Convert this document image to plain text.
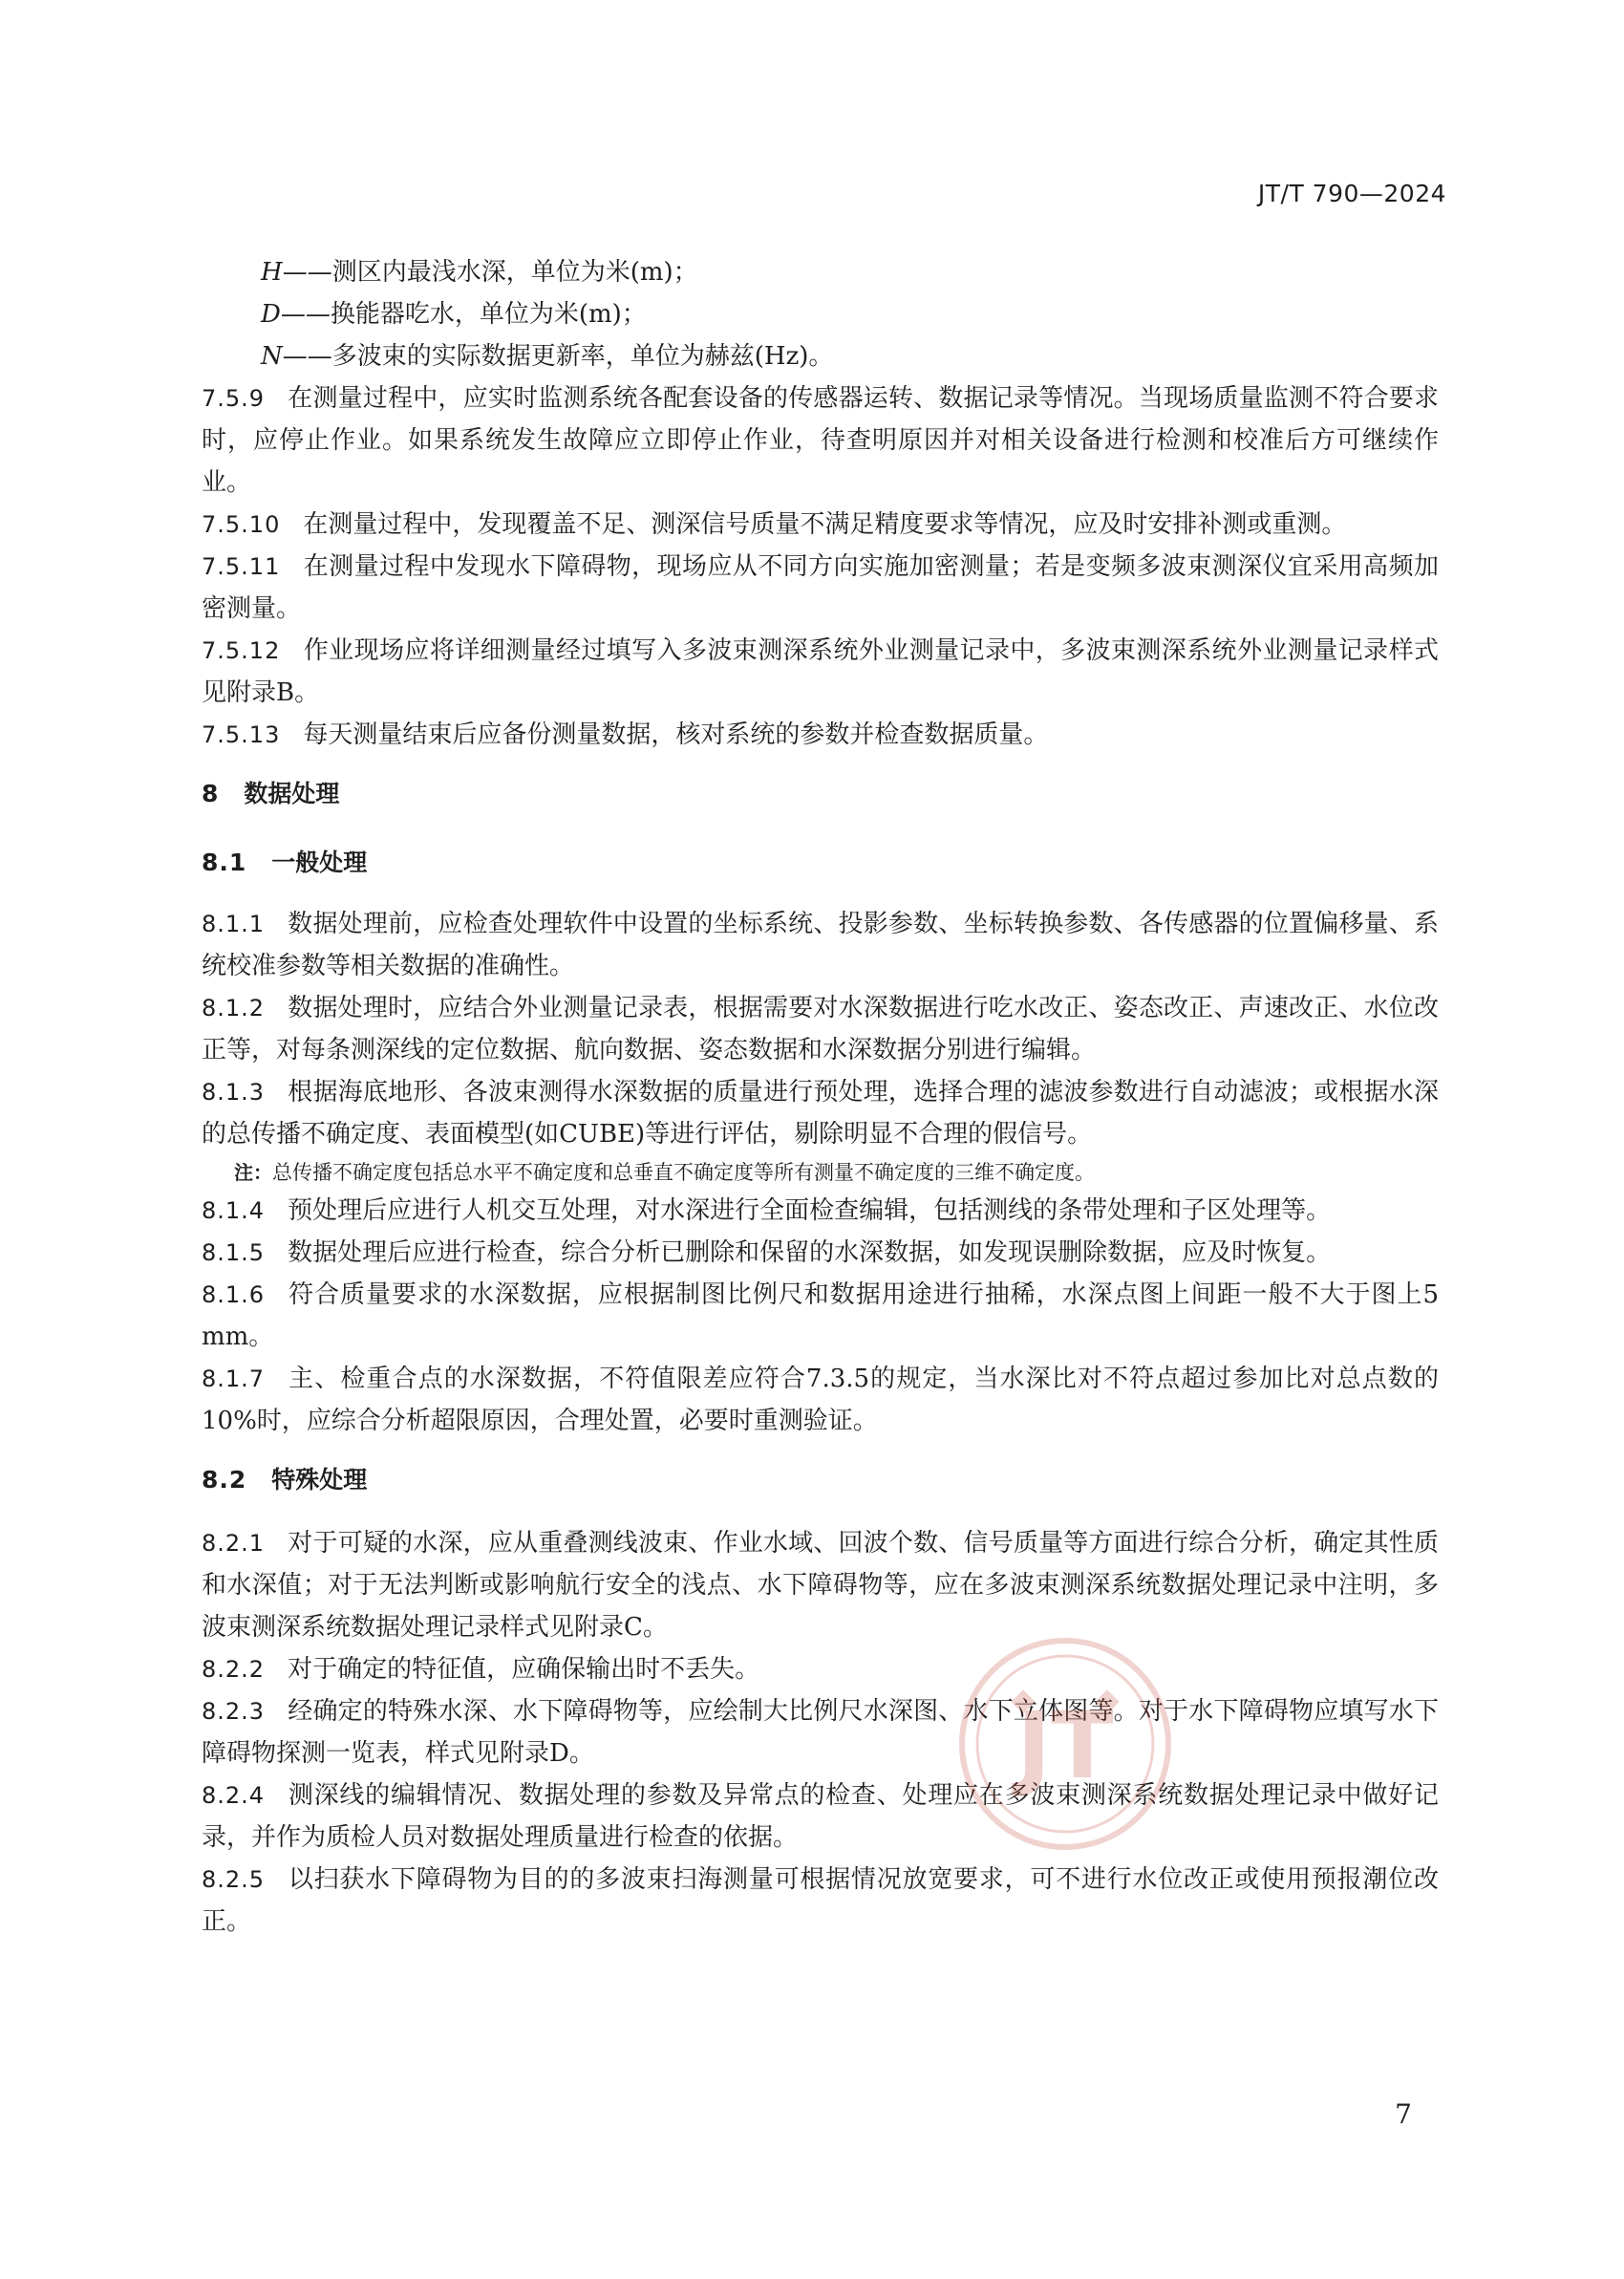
JT/T 790—2024
H——测区内最浅水深，单位为米(m)；
D——换能器吃水，单位为米(m)；
N——多波束的实际数据更新率，单位为赫兹(Hz)。

7.5.9 在测量过程中，应实时监测系统各配套设备的传感器运转、数据记录等情况。当现场质量监测不符合要求时，应停止作业。如果系统发生故障应立即停止作业，待查明原因并对相关设备进行检测和校准后方可继续作业。

7.5.10 在测量过程中，发现覆盖不足、测深信号质量不满足精度要求等情况，应及时安排补测或重测。

7.5.11 在测量过程中发现水下障碍物，现场应从不同方向实施加密测量；若是变频多波束测深仪宜采用高频加密测量。

7.5.12 作业现场应将详细测量经过填写入多波束测深系统外业测量记录中，多波束测深系统外业测量记录样式见附录B。

7.5.13 每天测量结束后应备份测量数据，核对系统的参数并检查数据质量。

8 数据处理
8.1 一般处理

8.1.1 数据处理前，应检查处理软件中设置的坐标系统、投影参数、坐标转换参数、各传感器的位置偏移量、系统校准参数等相关数据的准确性。

8.1.2 数据处理时，应结合外业测量记录表，根据需要对水深数据进行吃水改正、姿态改正、声速改正、水位改正等，对每条测深线的定位数据、航向数据、姿态数据和水深数据分别进行编辑。

8.1.3 根据海底地形、各波束测得水深数据的质量进行预处理，选择合理的滤波参数进行自动滤波；或根据水深的总传播不确定度、表面模型(如CUBE)等进行评估，剔除明显不合理的假信号。

注：总传播不确定度包括总水平不确定度和总垂直不确定度等所有测量不确定度的三维不确定度。

8.1.4 预处理后应进行人机交互处理，对水深进行全面检查编辑，包括测线的条带处理和子区处理等。

8.1.5 数据处理后应进行检查，综合分析已删除和保留的水深数据，如发现误删除数据，应及时恢复。

8.1.6 符合质量要求的水深数据，应根据制图比例尺和数据用途进行抽稀，水深点图上间距一般不大于图上5 mm。

8.1.7 主、检重合点的水深数据，不符值限差应符合7.3.5的规定，当水深比对不符点超过参加比对总点数的10%时，应综合分析超限原因，合理处置，必要时重测验证。

8.2 特殊处理

8.2.1 对于可疑的水深，应从重叠测线波束、作业水域、回波个数、信号质量等方面进行综合分析，确定其性质和水深值；对于无法判断或影响航行安全的浅点、水下障碍物等，应在多波束测深系统数据处理记录中注明，多波束测深系统数据处理记录样式见附录C。

8.2.2 对于确定的特征值，应确保输出时不丢失。

8.2.3 经确定的特殊水深、水下障碍物等，应绘制大比例尺水深图、水下立体图等。对于水下障碍物应填写水下障碍物探测一览表，样式见附录D。

8.2.4 测深线的编辑情况、数据处理的参数及异常点的检查、处理应在多波束测深系统数据处理记录中做好记录，并作为质检人员对数据处理质量进行检查的依据。

8.2.5 以扫获水下障碍物为目的的多波束扫海测量可根据情况放宽要求，可不进行水位改正或使用预报潮位改正。

JT
7
